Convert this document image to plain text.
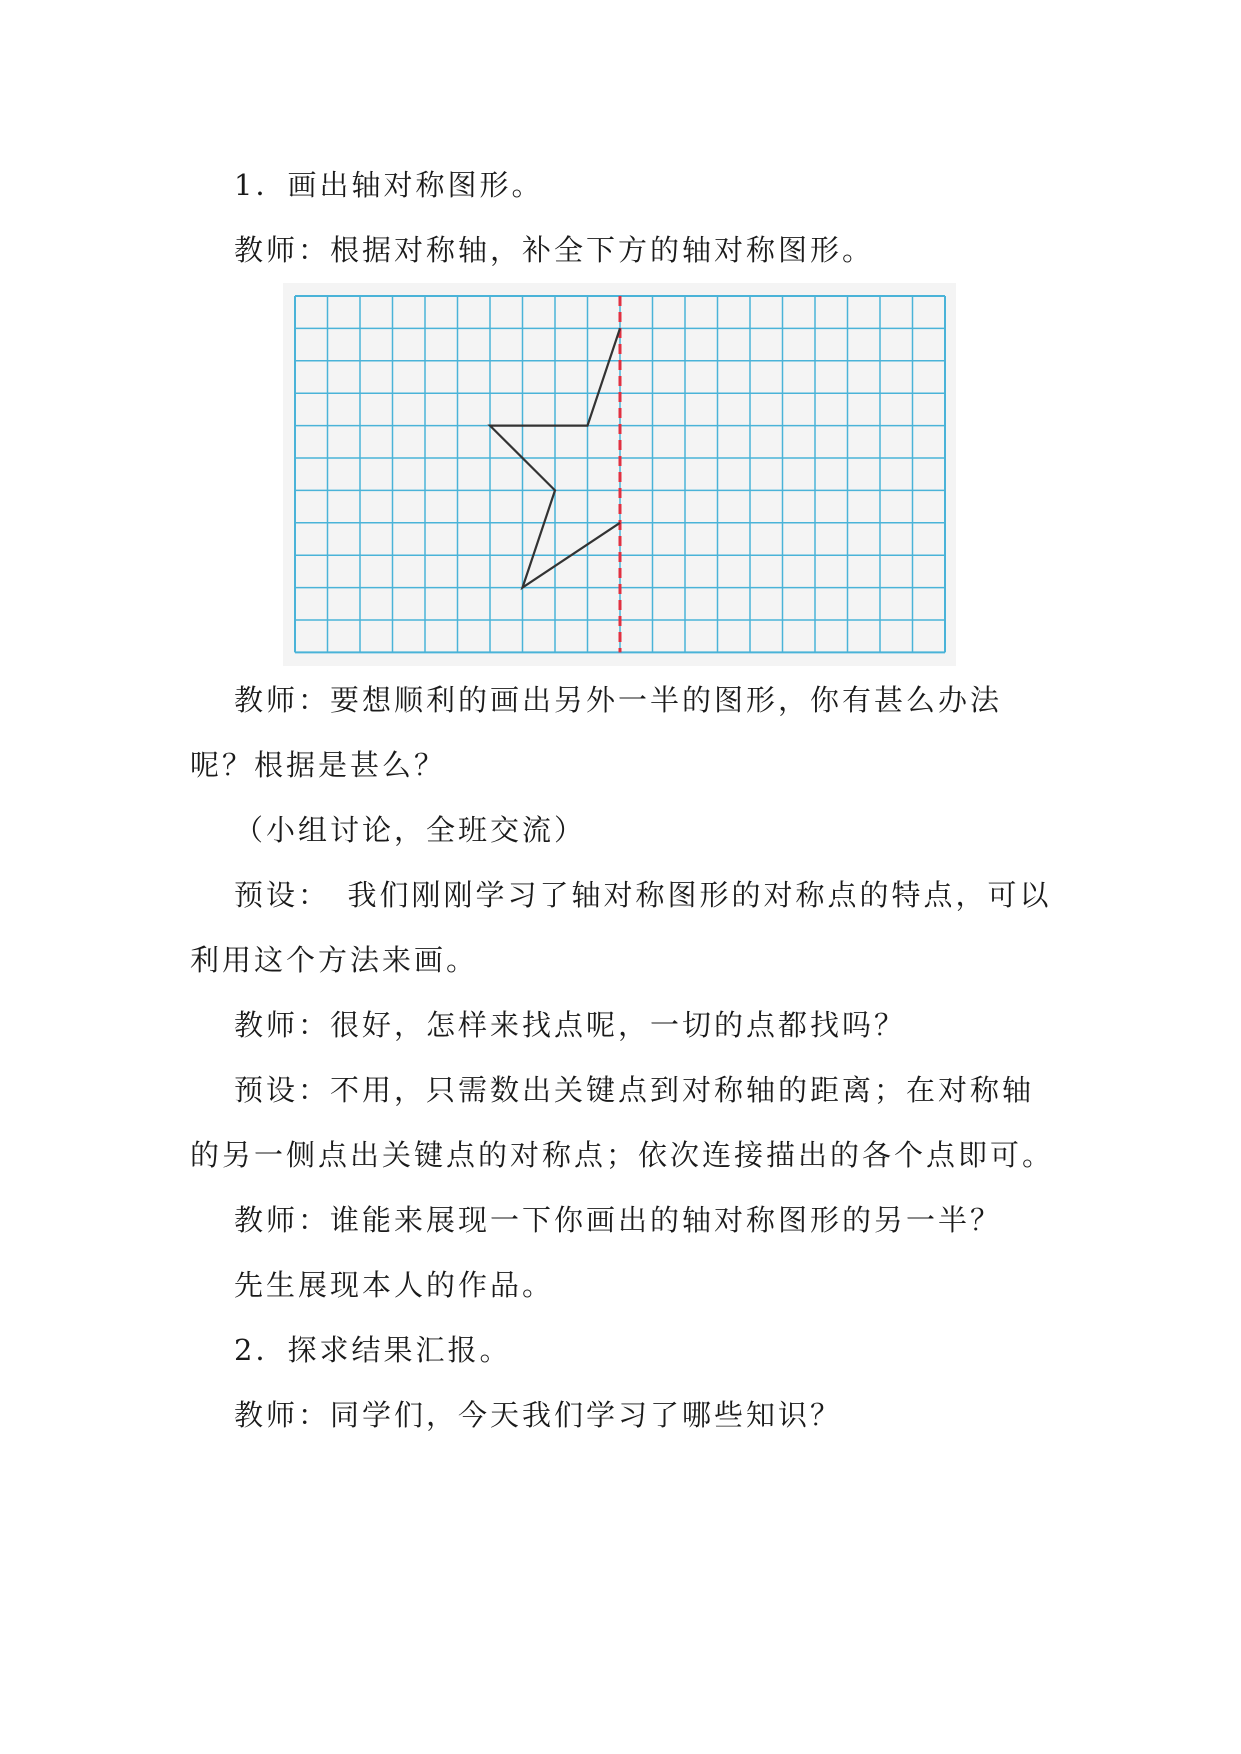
1．画出轴对称图形。

教师：根据对称轴，补全下方的轴对称图形。

教师：要想顺利的画出另外一半的图形，你有甚么办法呢？根据是甚么？

（小组讨论，全班交流）

预设：　我们刚刚学习了轴对称图形的对称点的特点，可以利用这个方法来画。

教师：很好，怎样来找点呢，一切的点都找吗？

预设：不用，只需数出关键点到对称轴的距离；在对称轴的另一侧点出关键点的对称点；依次连接描出的各个点即可。

教师：谁能来展现一下你画出的轴对称图形的另一半？

先生展现本人的作品。

2．探求结果汇报。

教师：同学们，今天我们学习了哪些知识？
